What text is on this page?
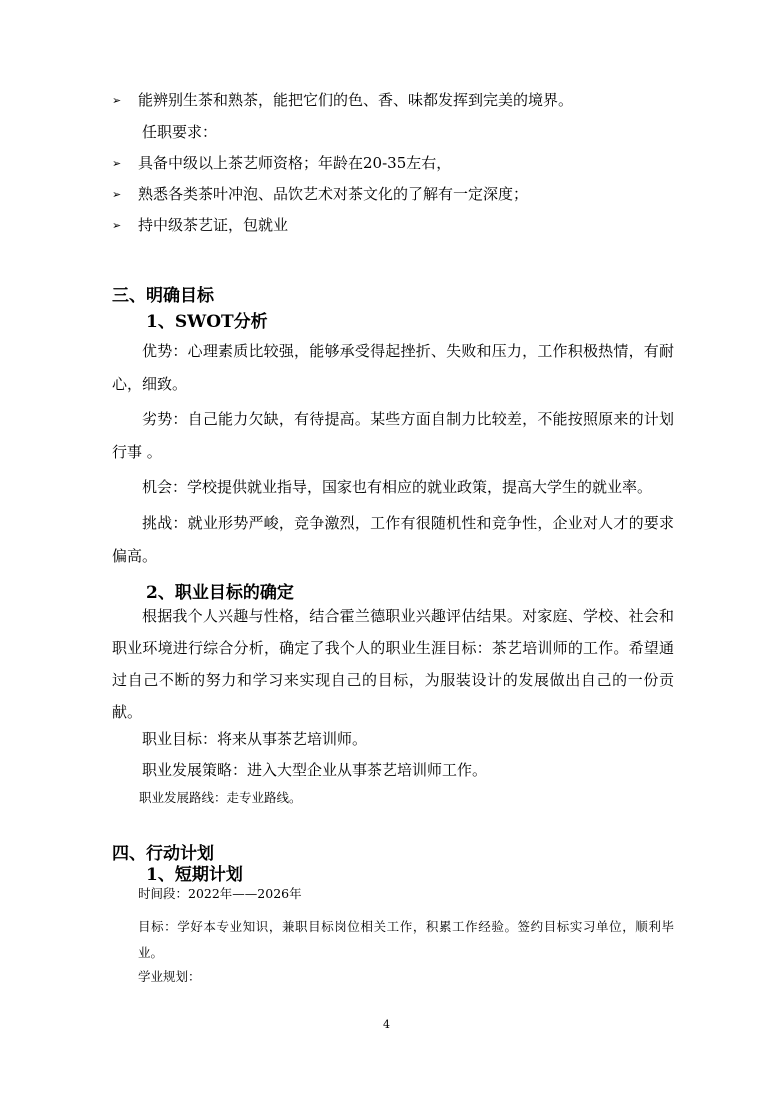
➢ 能辨别生茶和熟茶，能把它们的色、香、味都发挥到完美的境界。
任职要求：
➢ 具备中级以上茶艺师资格；年龄在20-35左右，
➢ 熟悉各类茶叶冲泡、品饮艺术对茶文化的了解有一定深度；
➢ 持中级茶艺证，包就业
三、明确目标
1、SWOT分析
优势：心理素质比较强，能够承受得起挫折、失败和压力，工作积极热情，有耐心，细致。
劣势：自己能力欠缺，有待提高。某些方面自制力比较差，不能按照原来的计划行事 。
机会：学校提供就业指导，国家也有相应的就业政策，提高大学生的就业率。
挑战：就业形势严峻，竞争激烈，工作有很随机性和竞争性，企业对人才的要求偏高。
2、职业目标的确定
根据我个人兴趣与性格，结合霍兰德职业兴趣评估结果。对家庭、学校、社会和职业环境进行综合分析，确定了我个人的职业生涯目标：茶艺培训师的工作。希望通过自己不断的努力和学习来实现自己的目标，为服装设计的发展做出自己的一份贡献。
职业目标：将来从事茶艺培训师。
职业发展策略：进入大型企业从事茶艺培训师工作。
职业发展路线：走专业路线。
四、行动计划
1、短期计划
时间段：2022年——2026年
目标：学好本专业知识，兼职目标岗位相关工作，积累工作经验。签约目标实习单位，顺利毕业。
学业规划：
4
